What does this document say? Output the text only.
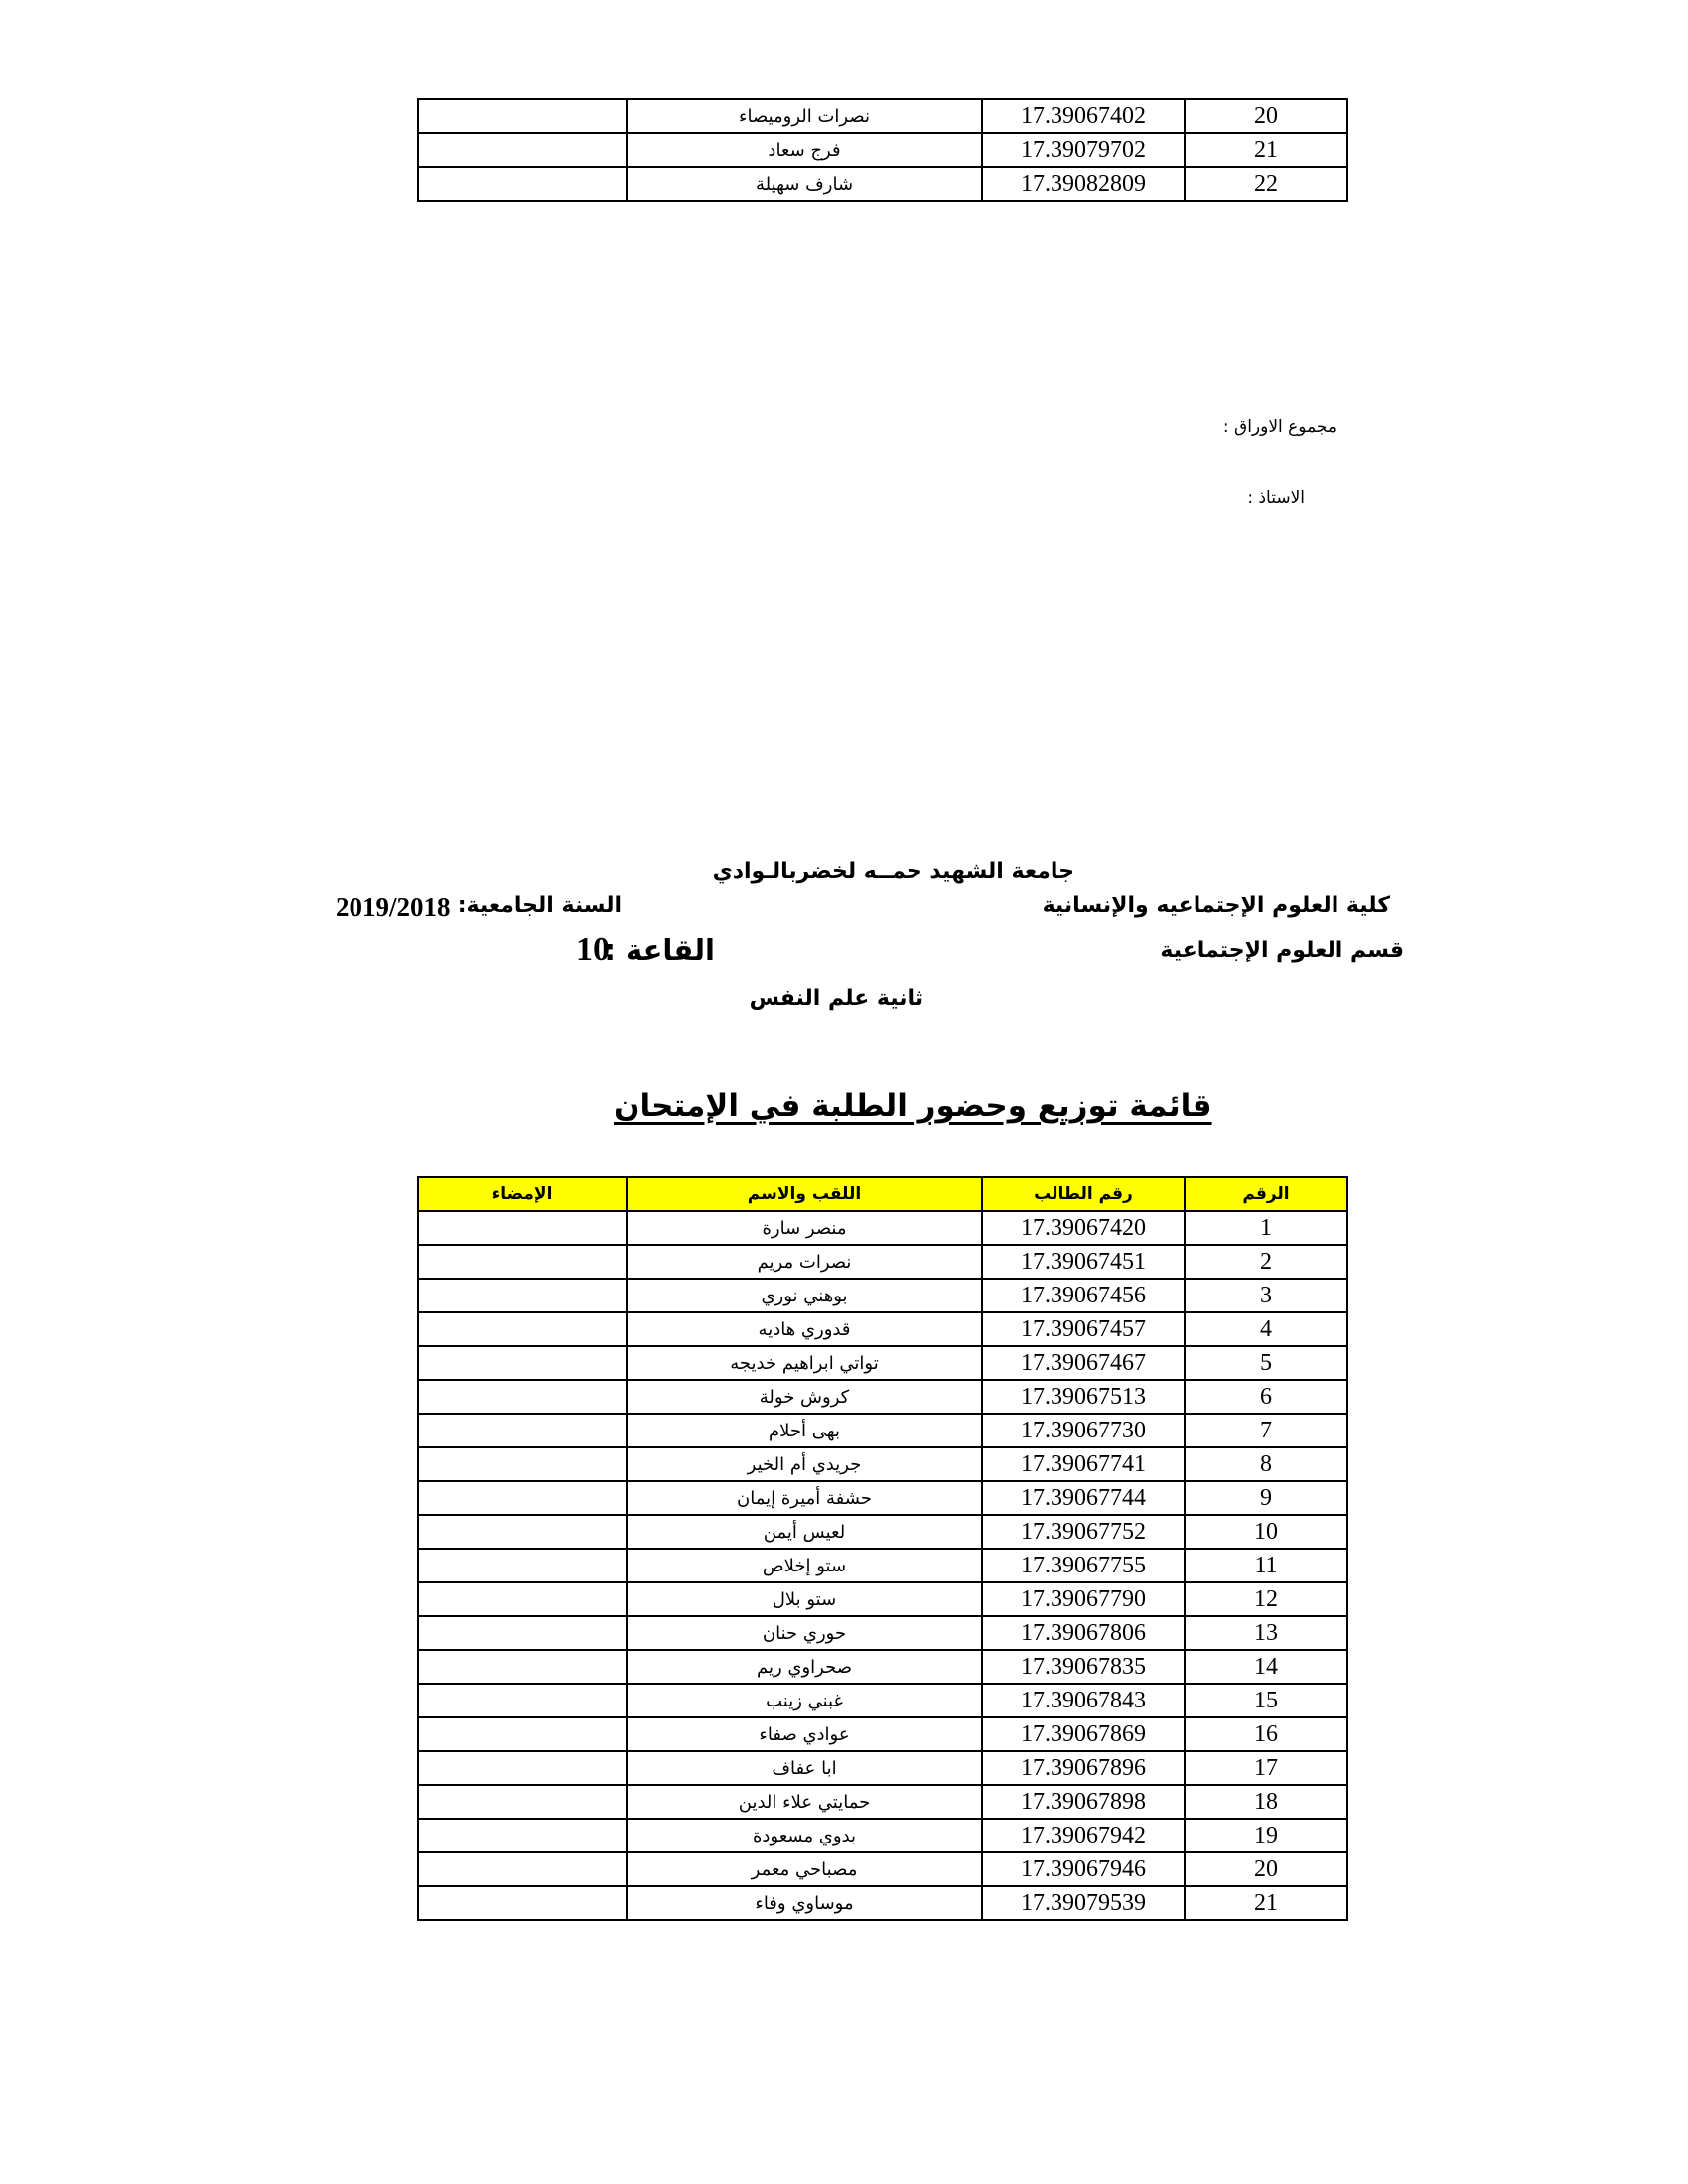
	نصرات الروميصاء	17.39067402	20
	فرج سعاد	17.39079702	21
	شارف سهيلة	17.39082809	22
مجموع الاوراق :
الاستاذ :
جامعة الشهيد حمــه لخضربالـوادي
كلية العلوم الإجتماعيه والإنسانية
السنة الجامعية:
2019/2018
قسم العلوم الإجتماعية
القاعة :
10
ثانية علم النفس
قائمة توزيع وحضور الطلبة في الإمتحان
الإمضاء	اللقب والاسم	رقم الطالب	الرقم
	منصر سارة	17.39067420	1
	نصرات مريم	17.39067451	2
	بوهني نوري	17.39067456	3
	قدوري هاديه	17.39067457	4
	تواتي ابراهيم خديجه	17.39067467	5
	كروش خولة	17.39067513	6
	بهى أحلام	17.39067730	7
	جريدي أم الخير	17.39067741	8
	حشفة أميرة إيمان	17.39067744	9
	لعيس أيمن	17.39067752	10
	ستو إخلاص	17.39067755	11
	ستو بلال	17.39067790	12
	حوري حنان	17.39067806	13
	صحراوي ريم	17.39067835	14
	غبني زينب	17.39067843	15
	عوادي صفاء	17.39067869	16
	ابا عفاف	17.39067896	17
	حمايتي علاء الدين	17.39067898	18
	بدوي مسعودة	17.39067942	19
	مصباحي معمر	17.39067946	20
	موساوي وفاء	17.39079539	21
